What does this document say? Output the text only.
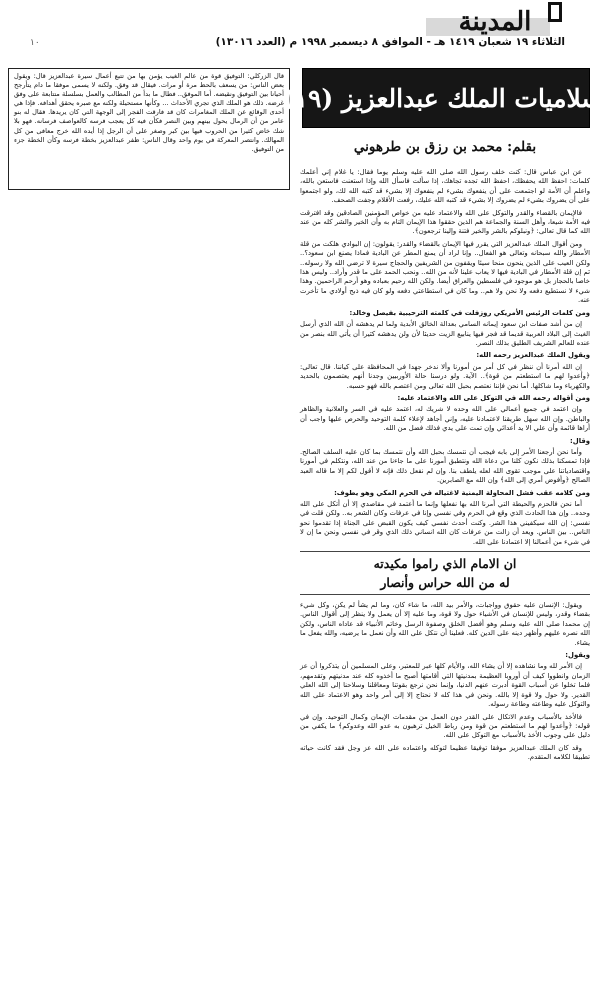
المدينة
الثلاثاء ١٩ شعبان ١٤١٩ هـ - الموافق ٨ ديسمبر ١٩٩٨ م (العدد ١٣٠١٦)
١٠
قال الزركلي: التوفيق قوة من عالم الغيب يؤمن بها من تتبع أعمال سيرة عبدالعزيز قال: ويقول بعض الناس: من يسعف بالحظ مرة أو مرات. فيقال قد وفق. ولكنه لا يسمى موفقا ما دام يتأرجح أحيانا بين التوفيق ونقيضه. أما الموفق.. فطال ما بدأ من المطالب والعمل بسلسلة متتابعة على وفق غرضه. ذلك هو الملك الذي تجري الأحداث ... وكأنها مستحيلة ولكنه مع صبره يحقق أهدافه. فإذا هي أحدى الوقائع عن الملك المغامرات كان قد فارقت الفجر إلى الوجهة التي كان يريدها. فقال له بنو عامر من أن الرمال يحول بينهم وبين النصر فكأن فيه كل يعجب فرسه كالعواصف فرسانه. فهو بلا شك خاض كثيرا من الحروب فيها بين كبر وصغر على أن الرجل إذا أيده الله خرج معافى من كل المهالك. وانتصر المعركة في يوم واحد وقال الناس: ظفر عبدالعزيز بخطة فرسه وكأن الخطة جزء من التوفيق.
إسلاميات الملك عبدالعزيز (١٩)
بقلم: محمد بن رزق بن طرهوني

عن ابن عباس قال: كنت خلف رسول الله صلى الله عليه وسلم يوما فقال: يا غلام إني أعلمك كلمات: احفظ الله يحفظك، احفظ الله تجده تجاهك، إذا سألت فاسأل الله وإذا استعنت فاستعن بالله، واعلم أن الأمة لو اجتمعت على أن ينفعوك بشيء لم ينفعوك إلا بشيء قد كتبه الله لك، ولو اجتمعوا على أن يضروك بشيء لم يضروك إلا بشيء قد كتبه الله عليك، رفعت الأقلام وجفت الصحف.

فالإيمان بالقضاء والقدر والتوكل على الله والاعتماد عليه من خواص المؤمنين الصادقين وقد افترقت فيه الأمة شيعا، وأهل السنة والجماعة هم الذين حققوا هذا الإيمان التام به وأن الخير والشر كله من عند الله كما قال تعالى: ﴿ونبلوكم بالشر والخير فتنة وإلينا ترجعون﴾.

ومن أقوال الملك عبدالعزيز التي يقرر فيها الإيمان بالقضاء والقدر: يقولون: إن البوادي هلكت من قلة الأمطار والله سبحانه وتعالى هو الفعال.. وإنا لراد أن يمنع المطر عن البادية فماذا يصنع ابن سعود؟.. ولكن العيب على الذين ينحون منحا سيئا ويقفون من الشريفين والحجاج سيرة لا ترضي الله ولا رسوله.. ثم إن قلة الأمطار في البادية فيها لا يعاب علينا لأنه من الله.. ونحب الحمد على ما قدر وأراد.. وليس هذا خاصا بالحجاز بل هو موجود في فلسطين والعراق أيضا. ولكن الله رحيم بعباده وهو أرحم الراحمين. وهذا شيء لا نستطيع دفعه ولا نحن ولا هم.. وما كان في استطاعتي دفعه ولو كان فيه ذبح أولادي ما تأخرت عنه.

ومن كلمات الرئيس الأمريكي روزفلت في كلمته الترحيبية بفيصل وخالد:

إن من أشد صفات ابن سعود إيمانه السامي بعدالة الخالق الأبدية ولما لم يدهشه أن الله الذي أرسل الغيث إلى البلاد العربية قديما قد فجر فيها ينابيع الزيت حديثا لأن ولن يدهشه كثيرا أن يأتي الله بنصر من عنده للعالم الشريف الطليق بذلك النصر.

ويقول الملك عبدالعزيز رحمه الله:

إن الله أمرنا أن ننظر في كل أمر من أمورنا وألا ندخر جهدا في المحافظة على كياننا. قال تعالى: ﴿وأعدوا لهم ما استطعتم من قوة﴾.. الآية. ولو درسنا حالة الأوربيين وجدنا أنهم يعتصمون بالحديد والكهرباء وما شاكلها. أما نحن فإننا نعتصم بحبل الله تعالى ومن اعتصم بالله فهو حسبه.

ومن أقواله رحمه الله في التوكل على الله والاعتماد عليه:

وإن اعتمد في جميع أعمالي على الله وحده لا شريك له، اعتمد عليه في السر والعلانية والظاهر والباطن. وإن الله سهل طريقنا لاعتمادنا عليه، وإني أجاهد لإعلاء كلمة التوحيد والحرص عليها واجب أن أراها قائمة وأن علي الا يد أعدائي وإن تمت علي يدي فذلك فضل من الله.

وقال:

وأما نحن أرجعنا الأمر إلى بابه فيجب أن نتمسك بحبل الله وأن نتمسك بما كان عليه السلف الصالح. فإذا تمسكنا بذلك نكون كلنا من دعاة الله ونتطبق أمورنا على ما جاءنا من عند الله، ونتكلم في أمورنا واقتصادياتنا على موجب تقوى الله لعله يلطف بنا. وإن لم نفعل ذلك فإنه لا أقول لكم إلا ما قاله العبد الصالح ﴿وأفوض أمري إلى الله﴾ وإن الله مع الصابرين.

ومن كلامه عقب فشل المحاولة اليمنية لاغتياله في الحرم المكي وهو يطوف:

أما نحن فالحزم والحيطة التي أمرنا الله بها نفعلها وإنما ما أعتمد في مقاصدي إلا أن أتكل على الله وحده.. وإن هذا الحادث الذي وقع في الحرم وفي نفسي وإنا في عرفات وكان الشعر به.. ولكن قلت في نفسي: إن الله سيكفيني هذا الشر. وكنت أحدث نفسي كيف يكون القبض على الجناة إذا تقدموا نحو الناس.. بين الناس. ويعد أن زالت من عرفات كان الله انساني ذلك الذي وقر في نفسي ونحن ما إن لا في شيء من أعمالنا إلا اعتمادنا على الله.

ان الامام الذي راموا مكيدته
له من الله حراس وأنصار

ويقول: الإنسان عليه حقوق وواجبات، والأمر بيد الله، ما شاء كان، وما لم يشأ لم يكن، وكل شيء بقضاء وقدر، وليس للإنسان في الأشياء حول ولا قوة، وما عليه إلا أن يعمل ولا ينظر إلى أقوال الناس. إن محمدا صلى الله عليه وسلم وهو أفضل الخلق وصفوة الرسل وخاتم الأنبياء قد عاداه الناس، ولكن الله نصره عليهم وأظهر دينه على الدين كله. فعلينا أن نتكل على الله وأن نعمل ما يرضيه، والله يفعل ما يشاء.

ويقول:

إن الأمر لله وما نشاهده إلا أن يشاء الله، والأيام كلها عبر للمعتبر، وعلى المسلمين أن يتذكروا أن عز الزمان وانطووا كيف أن أوروبا العظيمة بمدنيتها التي أقامتها أصبح ما أخذوه كله عند مدنيتهم وتقدمهم، فلما تخلوا عن أسباب القوة أدبرت عنهم الدنيا، وإنما نحن نرجع بقوتنا ومعاقلنا وسلاحنا إلى الله العلي القدير. ولا حول ولا قوة إلا بالله. ونحن في هذا كله لا نحتاج إلا إلى أمر واحد وهو الاعتماد على الله والتوكل عليه وطاعته وطاعة رسوله.

فالأخذ بالأسباب وعدم الاتكال على القدر دون العمل من مقدمات الإيمان وكمال التوحيد. وإن في قوله: ﴿وأعدوا لهم ما استطعتم من قوة ومن رباط الخيل ترهبون به عدو الله وعدوكم﴾ ما يكفي من دليل على وجوب الأخذ بالأسباب مع التوكل على الله.

وقد كان الملك عبدالعزيز موفقا توفيقا عظيما لتوكله واعتماده على الله عز وجل فقد كانت حياته تطبيقا لكلامه المتقدم.
